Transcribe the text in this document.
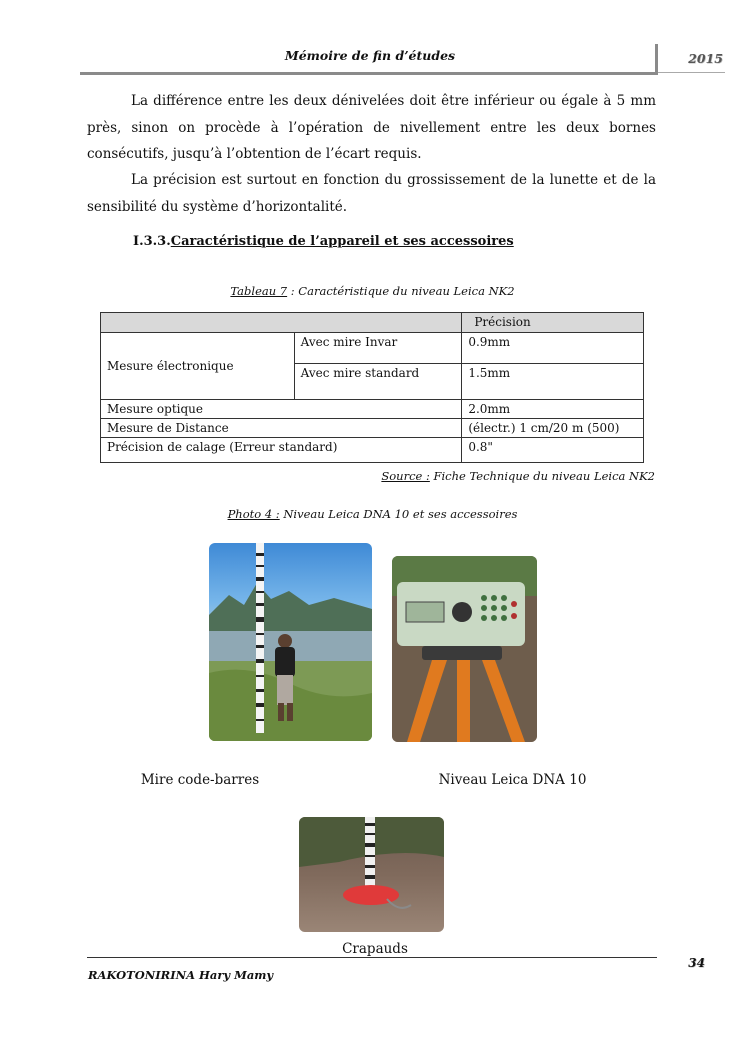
Mémoire de fin d’études	2015
La différence entre les deux dénivelées doit être inférieur ou égale à 5 mm près, sinon on procède à l’opération de nivellement entre les deux bornes consécutifs, jusqu’à l’obtention de l’écart requis.
La précision est surtout en fonction du grossissement de la lunette et de la sensibilité du système d’horizontalité.
I.3.3.Caractéristique de l’appareil et ses accessoires
Tableau 7 : Caractéristique du niveau Leica NK2
		Précision
Mesure électronique	Avec mire Invar	0.9mm
	Avec mire standard	1.5mm
Mesure optique		2.0mm
Mesure de Distance		(électr.) 1 cm/20 m (500)
Précision de calage (Erreur standard)		0.8"
Source : Fiche Technique du niveau Leica NK2
Photo 4 : Niveau Leica DNA 10 et ses accessoires
Mire code-barres	Niveau Leica DNA 10
Crapauds
34
RAKOTONIRINA Hary Mamy
